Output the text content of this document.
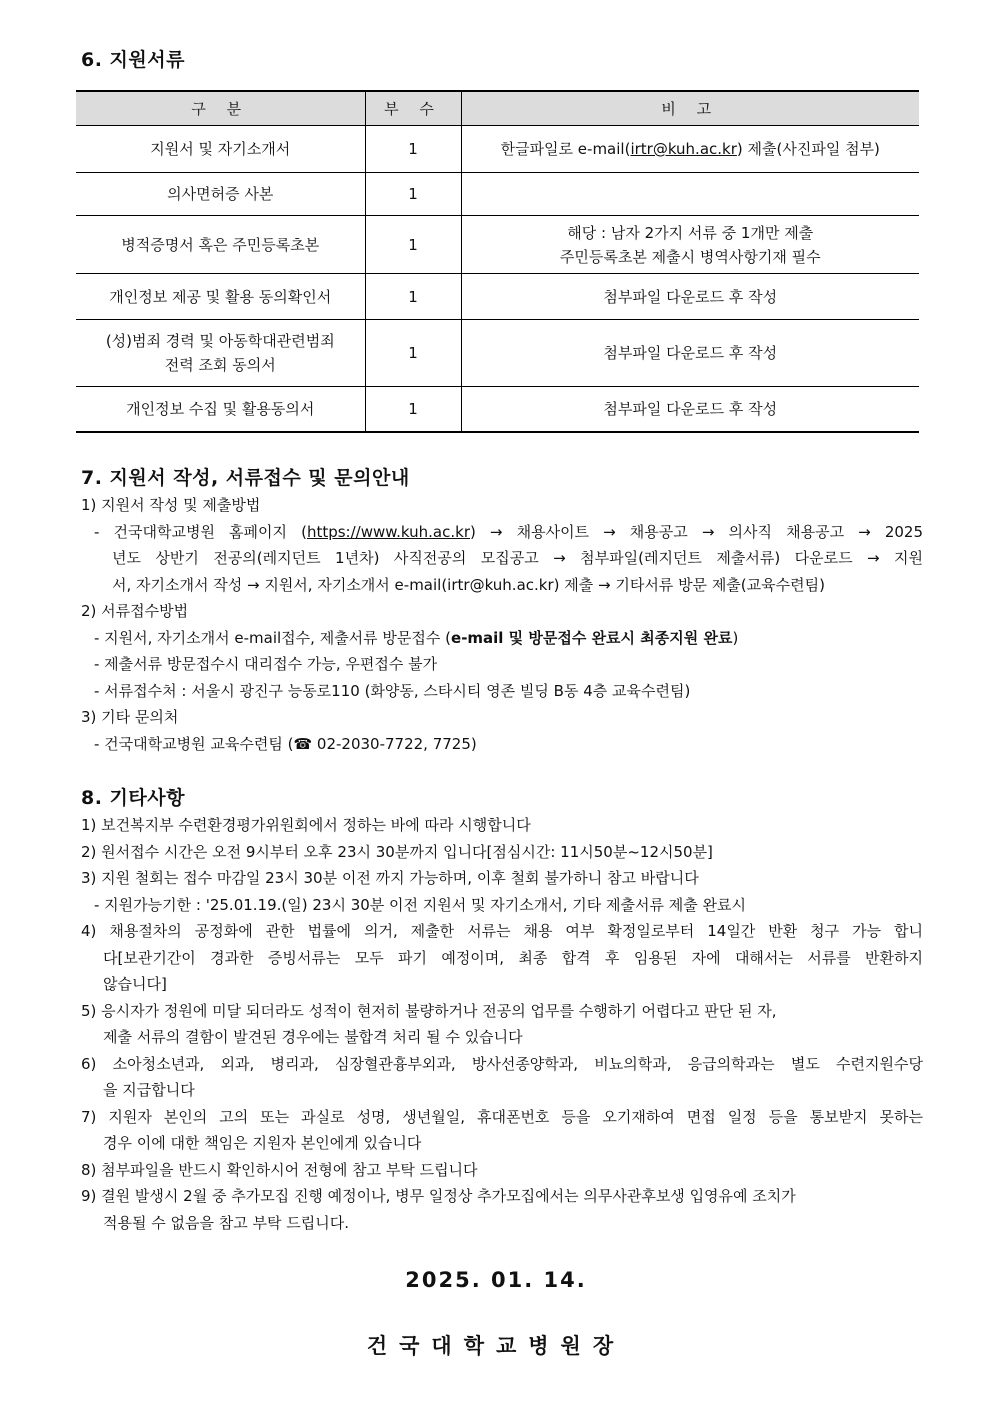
6. 지원서류
구 분	부 수	비 고
지원서 및 자기소개서	1	한글파일로 e-mail(irtr@kuh.ac.kr) 제출(사진파일 첨부)
의사면허증 사본	1	
병적증명서 혹은 주민등록초본	1	해당 : 남자 2가지 서류 중 1개만 제출
주민등록초본 제출시 병역사항기재 필수

개인정보 제공 및 활용 동의확인서	1	첨부파일 다운로드 후 작성

(성)범죄 경력 및 아동학대관련범죄
전력 조회 동의서	1	첨부파일 다운로드 후 작성
개인정보 수집 및 활용동의서	1	첨부파일 다운로드 후 작성
7. 지원서 작성, 서류접수 및 문의안내
1) 지원서 작성 및 제출방법
- 건국대학교병원 홈페이지 (https://www.kuh.ac.kr) → 채용사이트 → 채용공고 → 의사직 채용공고 → 2025
년도 상반기 전공의(레지던트 1년차) 사직전공의 모집공고 → 첨부파일(레지던트 제출서류) 다운로드 → 지원
서, 자기소개서 작성 → 지원서, 자기소개서 e-mail(irtr@kuh.ac.kr) 제출 → 기타서류 방문 제출(교육수련팀)
2) 서류접수방법
- 지원서, 자기소개서 e-mail접수, 제출서류 방문접수 (e-mail 및 방문접수 완료시 최종지원 완료)
- 제출서류 방문접수시 대리접수 가능, 우편접수 불가
- 서류접수처 : 서울시 광진구 능동로110 (화양동, 스타시티 영존 빌딩 B동 4층 교육수련팀)
3) 기타 문의처
- 건국대학교병원 교육수련팀 (☎ 02-2030-7722, 7725)
8. 기타사항
1) 보건복지부 수련환경평가위원회에서 정하는 바에 따라 시행합니다
2) 원서접수 시간은 오전 9시부터 오후 23시 30분까지 입니다[점심시간: 11시50분~12시50분]
3) 지원 철회는 접수 마감일 23시 30분 이전 까지 가능하며, 이후 철회 불가하니 참고 바랍니다
- 지원가능기한 : '25.01.19.(일) 23시 30분 이전 지원서 및 자기소개서, 기타 제출서류 제출 완료시
4) 채용절차의 공정화에 관한 법률에 의거, 제출한 서류는 채용 여부 확정일로부터 14일간 반환 청구 가능 합니
다[보관기간이 경과한 증빙서류는 모두 파기 예정이며, 최종 합격 후 임용된 자에 대해서는 서류를 반환하지
않습니다]
5) 응시자가 정원에 미달 되더라도 성적이 현저히 불량하거나 전공의 업무를 수행하기 어렵다고 판단 된 자,
제출 서류의 결함이 발견된 경우에는 불합격 처리 될 수 있습니다
6) 소아청소년과, 외과, 병리과, 심장혈관흉부외과, 방사선종양학과, 비뇨의학과, 응급의학과는 별도 수련지원수당
을 지급합니다
7) 지원자 본인의 고의 또는 과실로 성명, 생년월일, 휴대폰번호 등을 오기재하여 면접 일정 등을 통보받지 못하는
경우 이에 대한 책임은 지원자 본인에게 있습니다
8) 첨부파일을 반드시 확인하시어 전형에 참고 부탁 드립니다
9) 결원 발생시 2월 중 추가모집 진행 예정이나, 병무 일정상 추가모집에서는 의무사관후보생 입영유예 조치가
적용될 수 없음을 참고 부탁 드립니다.
2025. 01. 14.
건국대학교병원장
